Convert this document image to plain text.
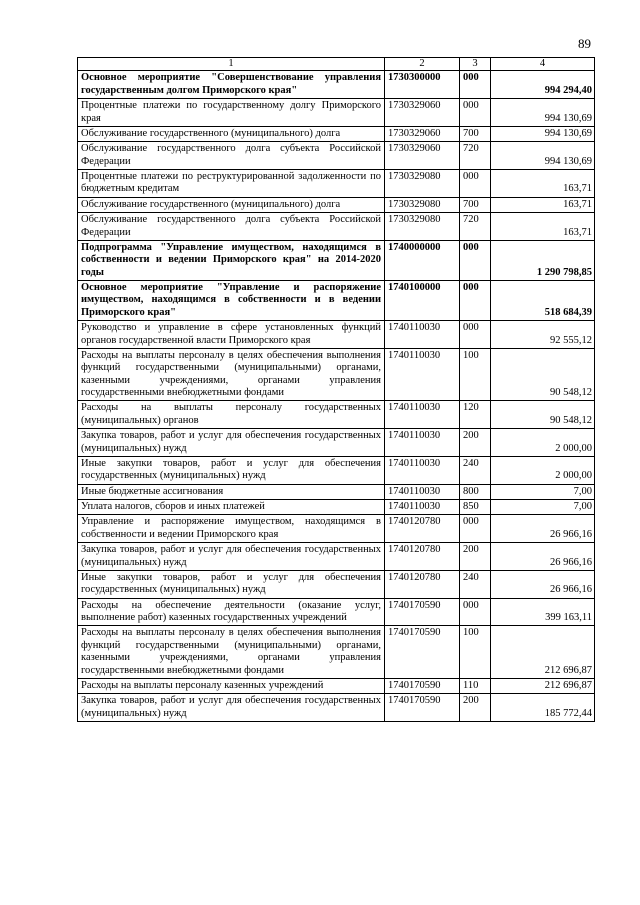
89
1	2	3	4
Основное мероприятие "Совершенствование управления государственным долгом Приморского края"	1730300000	000	994 294,40
Процентные платежи по государственному долгу Приморского края	1730329060	000	994 130,69
Обслуживание государственного (муниципального) долга	1730329060	700	994 130,69
Обслуживание государственного долга субъекта Российской Федерации	1730329060	720	994 130,69
Процентные платежи по реструктурированной задолженности по бюджетным кредитам	1730329080	000	163,71
Обслуживание государственного (муниципального) долга	1730329080	700	163,71
Обслуживание государственного долга субъекта Российской Федерации	1730329080	720	163,71
Подпрограмма "Управление имуществом, находящимся в собственности и ведении Приморского края" на 2014-2020 годы	1740000000	000	1 290 798,85
Основное мероприятие "Управление и распоряжение имуществом, находящимся в собственности и в ведении Приморского края"	1740100000	000	518 684,39
Руководство и управление в сфере установленных функций органов государственной власти Приморского края	1740110030	000	92 555,12
Расходы на выплаты персоналу в целях обеспечения выполнения функций государственными (муниципальными) органами, казенными учреждениями, органами управления государственными внебюджетными фондами	1740110030	100	90 548,12
Расходы на выплаты персоналу государственных (муниципальных) органов	1740110030	120	90 548,12
Закупка товаров, работ и услуг для обеспечения государственных (муниципальных) нужд	1740110030	200	2 000,00
Иные закупки товаров, работ и услуг для обеспечения государственных (муниципальных) нужд	1740110030	240	2 000,00
Иные бюджетные ассигнования	1740110030	800	7,00
Уплата налогов, сборов и иных платежей	1740110030	850	7,00
Управление и распоряжение имуществом, находящимся в собственности и ведении Приморского края	1740120780	000	26 966,16
Закупка товаров, работ и услуг для обеспечения государственных (муниципальных) нужд	1740120780	200	26 966,16
Иные закупки товаров, работ и услуг для обеспечения государственных (муниципальных) нужд	1740120780	240	26 966,16
Расходы на обеспечение деятельности (оказание услуг, выполнение работ) казенных государственных учреждений	1740170590	000	399 163,11
Расходы на выплаты персоналу в целях обеспечения выполнения функций государственными (муниципальными) органами, казенными учреждениями, органами управления государственными внебюджетными фондами	1740170590	100	212 696,87
Расходы на выплаты персоналу казенных учреждений	1740170590	110	212 696,87
Закупка товаров, работ и услуг для обеспечения государственных (муниципальных) нужд	1740170590	200	185 772,44
